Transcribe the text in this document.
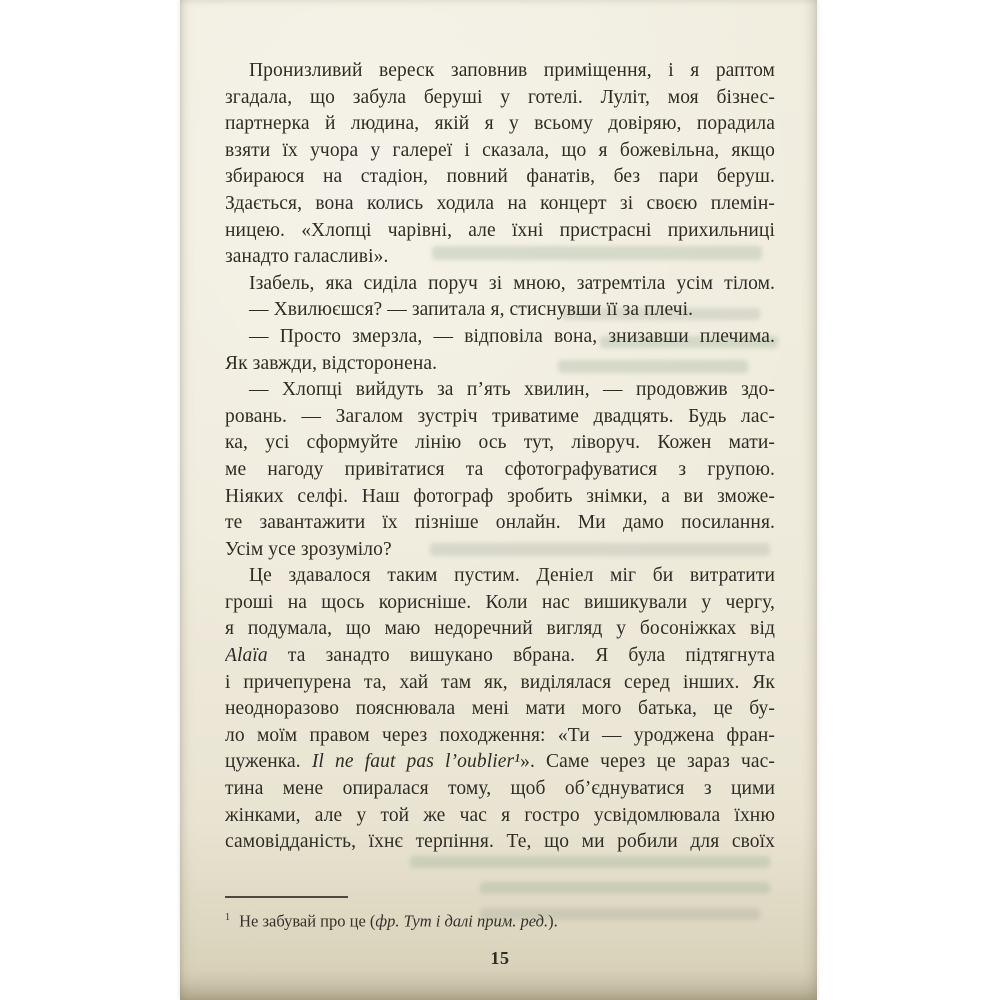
Пронизливий вереск заповнив приміщення, і я раптом
згадала, що забула беруші у готелі. Луліт, моя бізнес-
партнерка й людина, якій я у всьому довіряю, порадила
взяти їх учора у галереї і сказала, що я божевільна, якщо
збираюся на стадіон, повний фанатів, без пари беруш.
Здається, вона колись ходила на концерт зі своєю племін-
ницею. «Хлопці чарівні, але їхні пристрасні прихильниці
занадто галасливі».
Ізабель, яка сиділа поруч зі мною, затремтіла усім тілом.
— Хвилюєшся? — запитала я, стиснувши її за плечі.
— Просто змерзла, — відповіла вона, знизавши плечима.
Як завжди, відсторонена.
— Хлопці вийдуть за п’ять хвилин, — продовжив здо-
ровань. — Загалом зустріч триватиме двадцять. Будь лас-
ка, усі сформуйте лінію ось тут, ліворуч. Кожен мати-
ме нагоду привітатися та сфотографуватися з групою.
Ніяких селфі. Наш фотограф зробить знімки, а ви зможе-
те завантажити їх пізніше онлайн. Ми дамо посилання.
Усім усе зрозуміло?
Це здавалося таким пустим. Деніел міг би витратити
гроші на щось корисніше. Коли нас вишикували у чергу,
я подумала, що маю недоречний вигляд у босоніжках від
Alaïa та занадто вишукано вбрана. Я була підтягнута
і причепурена та, хай там як, виділялася серед інших. Як
неодноразово пояснювала мені мати мого батька, це бу-
ло моїм правом через походження: «Ти — уроджена фран-
цуженка. Il ne faut pas l’oublier¹». Саме через це зараз час-
тина мене опиралася тому, щоб об’єднуватися з цими
жінками, але у той же час я гостро усвідомлювала їхню
самовідданість, їхнє терпіння. Те, що ми робили для своїх
$^1$ Не забувай про це (фр. Тут і далі прим. ред.).
15
